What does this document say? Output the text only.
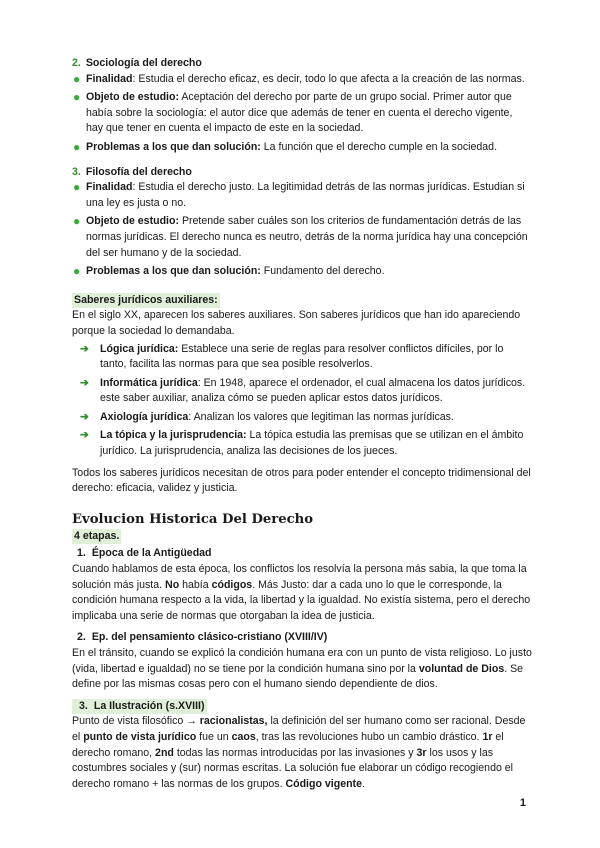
2. Sociología del derecho

● Finalidad: Estudia el derecho eficaz, es decir, todo lo que afecta a la creación de las normas.
● Objeto de estudio: Aceptación del derecho por parte de un grupo social. Primer autor que había sobre la sociología: el autor dice que además de tener en cuenta el derecho vigente, hay que tener en cuenta el impacto de este en la sociedad.
● Problemas a los que dan solución: La función que el derecho cumple en la sociedad.

3. Filosofía del derecho

● Finalidad: Estudia el derecho justo. La legitimidad detrás de las normas jurídicas. Estudian si una ley es justa o no.
● Objeto de estudio: Pretende saber cuáles son los criterios de fundamentación detrás de las normas jurídicas. El derecho nunca es neutro, detrás de la norma jurídica hay una concepción del ser humano y de la sociedad.
● Problemas a los que dan solución: Fundamento del derecho.

Saberes jurídicos auxiliares:

En el siglo XX, aparecen los saberes auxiliares. Son saberes jurídicos que han ido apareciendo porque la sociedad lo demandaba.

➔ Lógica jurídica: Establece una serie de reglas para resolver conflictos difíciles, por lo tanto, facilita las normas para que sea posible resolverlos.
➔ Informática jurídica: En 1948, aparece el ordenador, el cual almacena los datos jurídicos. este saber auxiliar, analiza cómo se pueden aplicar estos datos jurídicos.
➔ Axiología jurídica: Analizan los valores que legitiman las normas jurídicas.
➔ La tópica y la jurisprudencia: La tópica estudia las premisas que se utilizan en el ámbito jurídico. La jurisprudencia, analiza las decisiones de los jueces.

Todos los saberes jurídicos necesitan de otros para poder entender el concepto tridimensional del derecho: eficacia, validez y justicia.

Evolucion Historica Del Derecho

4 etapas.

1. Época de la Antigüedad

Cuando hablamos de esta época, los conflictos los resolvía la persona más sabia, la que toma la solución más justa. No había códigos. Más Justo: dar a cada uno lo que le corresponde, la condición humana respecto a la vida, la libertad y la igualdad. No existía sistema, pero el derecho implicaba una serie de normas que otorgaban la idea de justicia.

2. Ep. del pensamiento clásico-cristiano (XVIII/IV)

En el tránsito, cuando se explicó la condición humana era con un punto de vista religioso. Lo justo (vida, libertad e igualdad) no se tiene por la condición humana sino por la voluntad de Dios. Se define por las mismas cosas pero con el humano siendo dependiente de dios.

3. La Ilustración (s.XVIII)

Punto de vista filosófico → racionalistas, la definición del ser humano como ser racional. Desde el punto de vista jurídico fue un caos, tras las revoluciones hubo un cambio drástico. 1r el derecho romano, 2nd todas las normas introducidas por las invasiones y 3r los usos y las costumbres sociales y (sur) normas escritas. La solución fue elaborar un código recogiendo el derecho romano + las normas de los grupos. Código vigente.

1
